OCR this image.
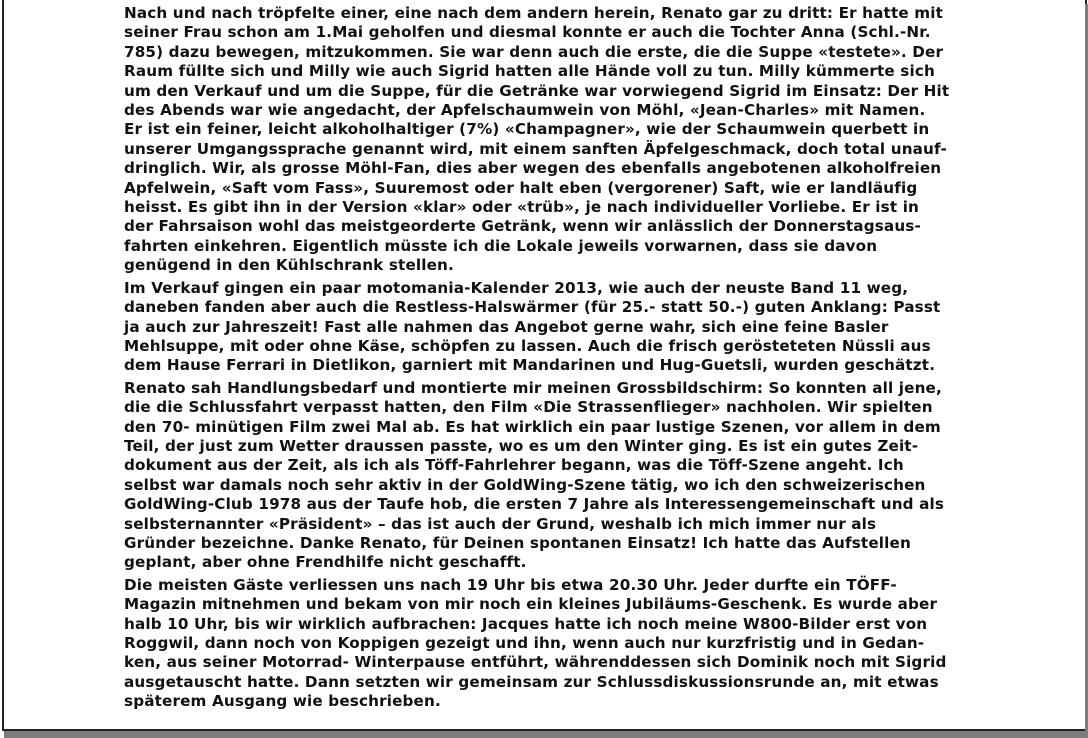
Nach und nach tröpfelte einer, eine nach dem andern herein, Renato gar zu dritt: Er hatte mit
seiner Frau schon am 1.Mai geholfen und diesmal konnte er auch die Tochter Anna (Schl.-Nr.
785) dazu bewegen, mitzukommen. Sie war denn auch die erste, die die Suppe «testete». Der
Raum füllte sich und Milly wie auch Sigrid hatten alle Hände voll zu tun. Milly kümmerte sich
um den Verkauf und um die Suppe, für die Getränke war vorwiegend Sigrid im Einsatz: Der Hit
des Abends war wie angedacht, der Apfelschaumwein von Möhl, «Jean-Charles» mit Namen.
Er ist ein feiner, leicht alkoholhaltiger (7%) «Champagner», wie der Schaumwein querbett in
unserer Umgangssprache genannt wird, mit einem sanften Äpfelgeschmack, doch total unauf-
dringlich. Wir, als grosse Möhl-Fan, dies aber wegen des ebenfalls angebotenen alkoholfreien
Apfelwein, «Saft vom Fass», Suuremost oder halt eben (vergorener) Saft, wie er landläufig
heisst. Es gibt ihn in der Version «klar» oder «trüb», je nach individueller Vorliebe. Er ist in
der Fahrsaison wohl das meistgeorderte Getränk, wenn wir anlässlich der Donnerstagsaus-
fahrten einkehren. Eigentlich müsste ich die Lokale jeweils vorwarnen, dass sie davon
genügend in den Kühlschrank stellen.

Im Verkauf gingen ein paar motomania-Kalender 2013, wie auch der neuste Band 11 weg,
daneben fanden aber auch die Restless-Halswärmer (für 25.- statt 50.-) guten Anklang: Passt
ja auch zur Jahreszeit! Fast alle nahmen das Angebot gerne wahr, sich eine feine Basler
Mehlsuppe, mit oder ohne Käse, schöpfen zu lassen. Auch die frisch gerösteteten Nüssli aus
dem Hause Ferrari in Dietlikon, garniert mit Mandarinen und Hug-Guetsli, wurden geschätzt.

Renato sah Handlungsbedarf und montierte mir meinen Grossbildschirm: So konnten all jene,
die die Schlussfahrt verpasst hatten, den Film «Die Strassenflieger» nachholen. Wir spielten
den 70- minütigen Film zwei Mal ab. Es hat wirklich ein paar lustige Szenen, vor allem in dem
Teil, der just zum Wetter draussen passte, wo es um den Winter ging. Es ist ein gutes Zeit-
dokument aus der Zeit, als ich als Töff-Fahrlehrer begann, was die Töff-Szene angeht. Ich
selbst war damals noch sehr aktiv in der GoldWing-Szene tätig, wo ich den schweizerischen
GoldWing-Club 1978 aus der Taufe hob, die ersten 7 Jahre als Interessengemeinschaft und als
selbsternannter «Präsident» – das ist auch der Grund, weshalb ich mich immer nur als
Gründer bezeichne. Danke Renato, für Deinen spontanen Einsatz! Ich hatte das Aufstellen
geplant, aber ohne Frendhilfe nicht geschafft.

Die meisten Gäste verliessen uns nach 19 Uhr bis etwa 20.30 Uhr. Jeder durfte ein TÖFF-
Magazin mitnehmen und bekam von mir noch ein kleines Jubiläums-Geschenk. Es wurde aber
halb 10 Uhr, bis wir wirklich aufbrachen: Jacques hatte ich noch meine W800-Bilder erst von
Roggwil, dann noch von Koppigen gezeigt und ihn, wenn auch nur kurzfristig und in Gedan-
ken, aus seiner Motorrad- Winterpause entführt, währenddessen sich Dominik noch mit Sigrid
ausgetauscht hatte. Dann setzten wir gemeinsam zur Schlussdiskussionsrunde an, mit etwas
späterem Ausgang wie beschrieben.
